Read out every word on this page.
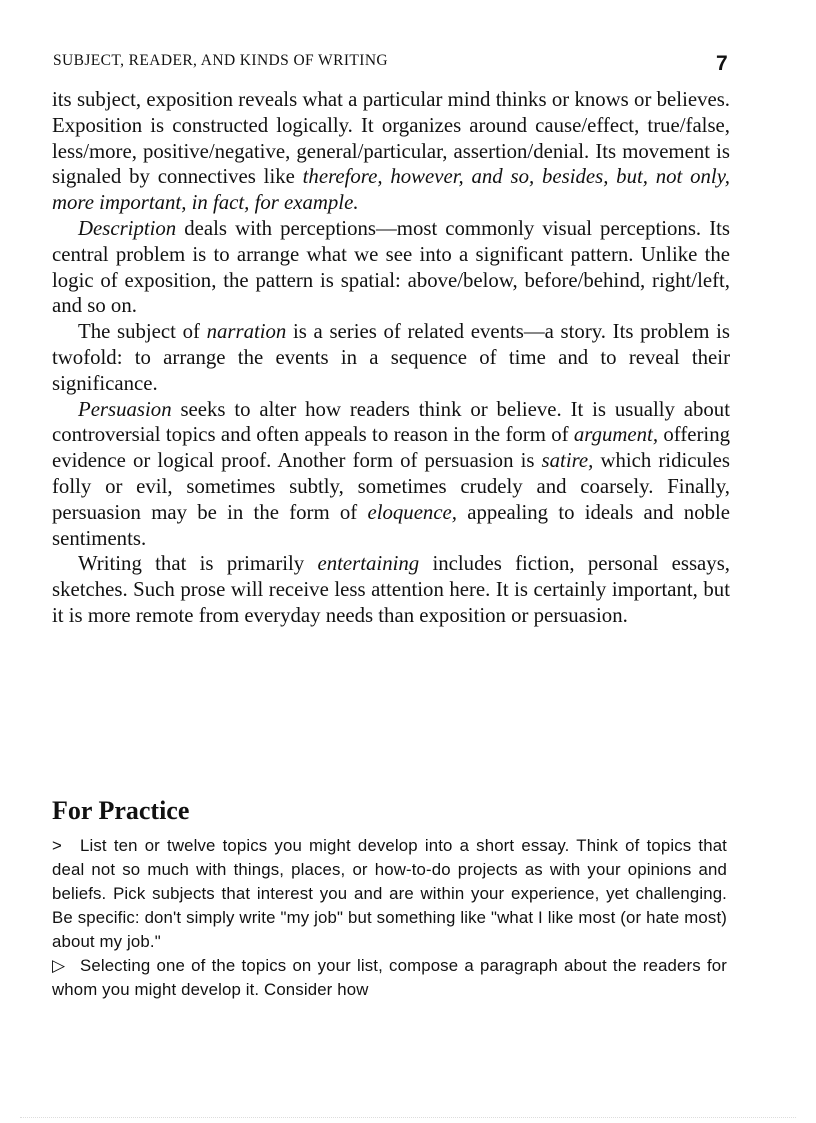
SUBJECT, READER, AND KINDS OF WRITING	7

its subject, exposition reveals what a particular mind thinks or knows or believes. Exposition is constructed logically. It organizes around cause/effect, true/false, less/more, positive/negative, general/particular, assertion/denial. Its movement is signaled by connectives like therefore, however, and so, besides, but, not only, more important, in fact, for example.

Description deals with perceptions—most commonly visual perceptions. Its central problem is to arrange what we see into a significant pattern. Unlike the logic of exposition, the pattern is spatial: above/below, before/behind, right/left, and so on.

The subject of narration is a series of related events—a story. Its problem is twofold: to arrange the events in a sequence of time and to reveal their significance.

Persuasion seeks to alter how readers think or believe. It is usually about controversial topics and often appeals to reason in the form of argument, offering evidence or logical proof. Another form of persuasion is satire, which ridicules folly or evil, sometimes subtly, sometimes crudely and coarsely. Finally, persuasion may be in the form of eloquence, appealing to ideals and noble sentiments.

Writing that is primarily entertaining includes fiction, personal essays, sketches. Such prose will receive less attention here. It is certainly important, but it is more remote from everyday needs than exposition or persuasion.

For Practice

> List ten or twelve topics you might develop into a short essay. Think of topics that deal not so much with things, places, or how-to-do projects as with your opinions and beliefs. Pick subjects that interest you and are within your experience, yet challenging. Be specific: don't simply write "my job" but something like "what I like most (or hate most) about my job."

▷ Selecting one of the topics on your list, compose a paragraph about the readers for whom you might develop it. Consider how
